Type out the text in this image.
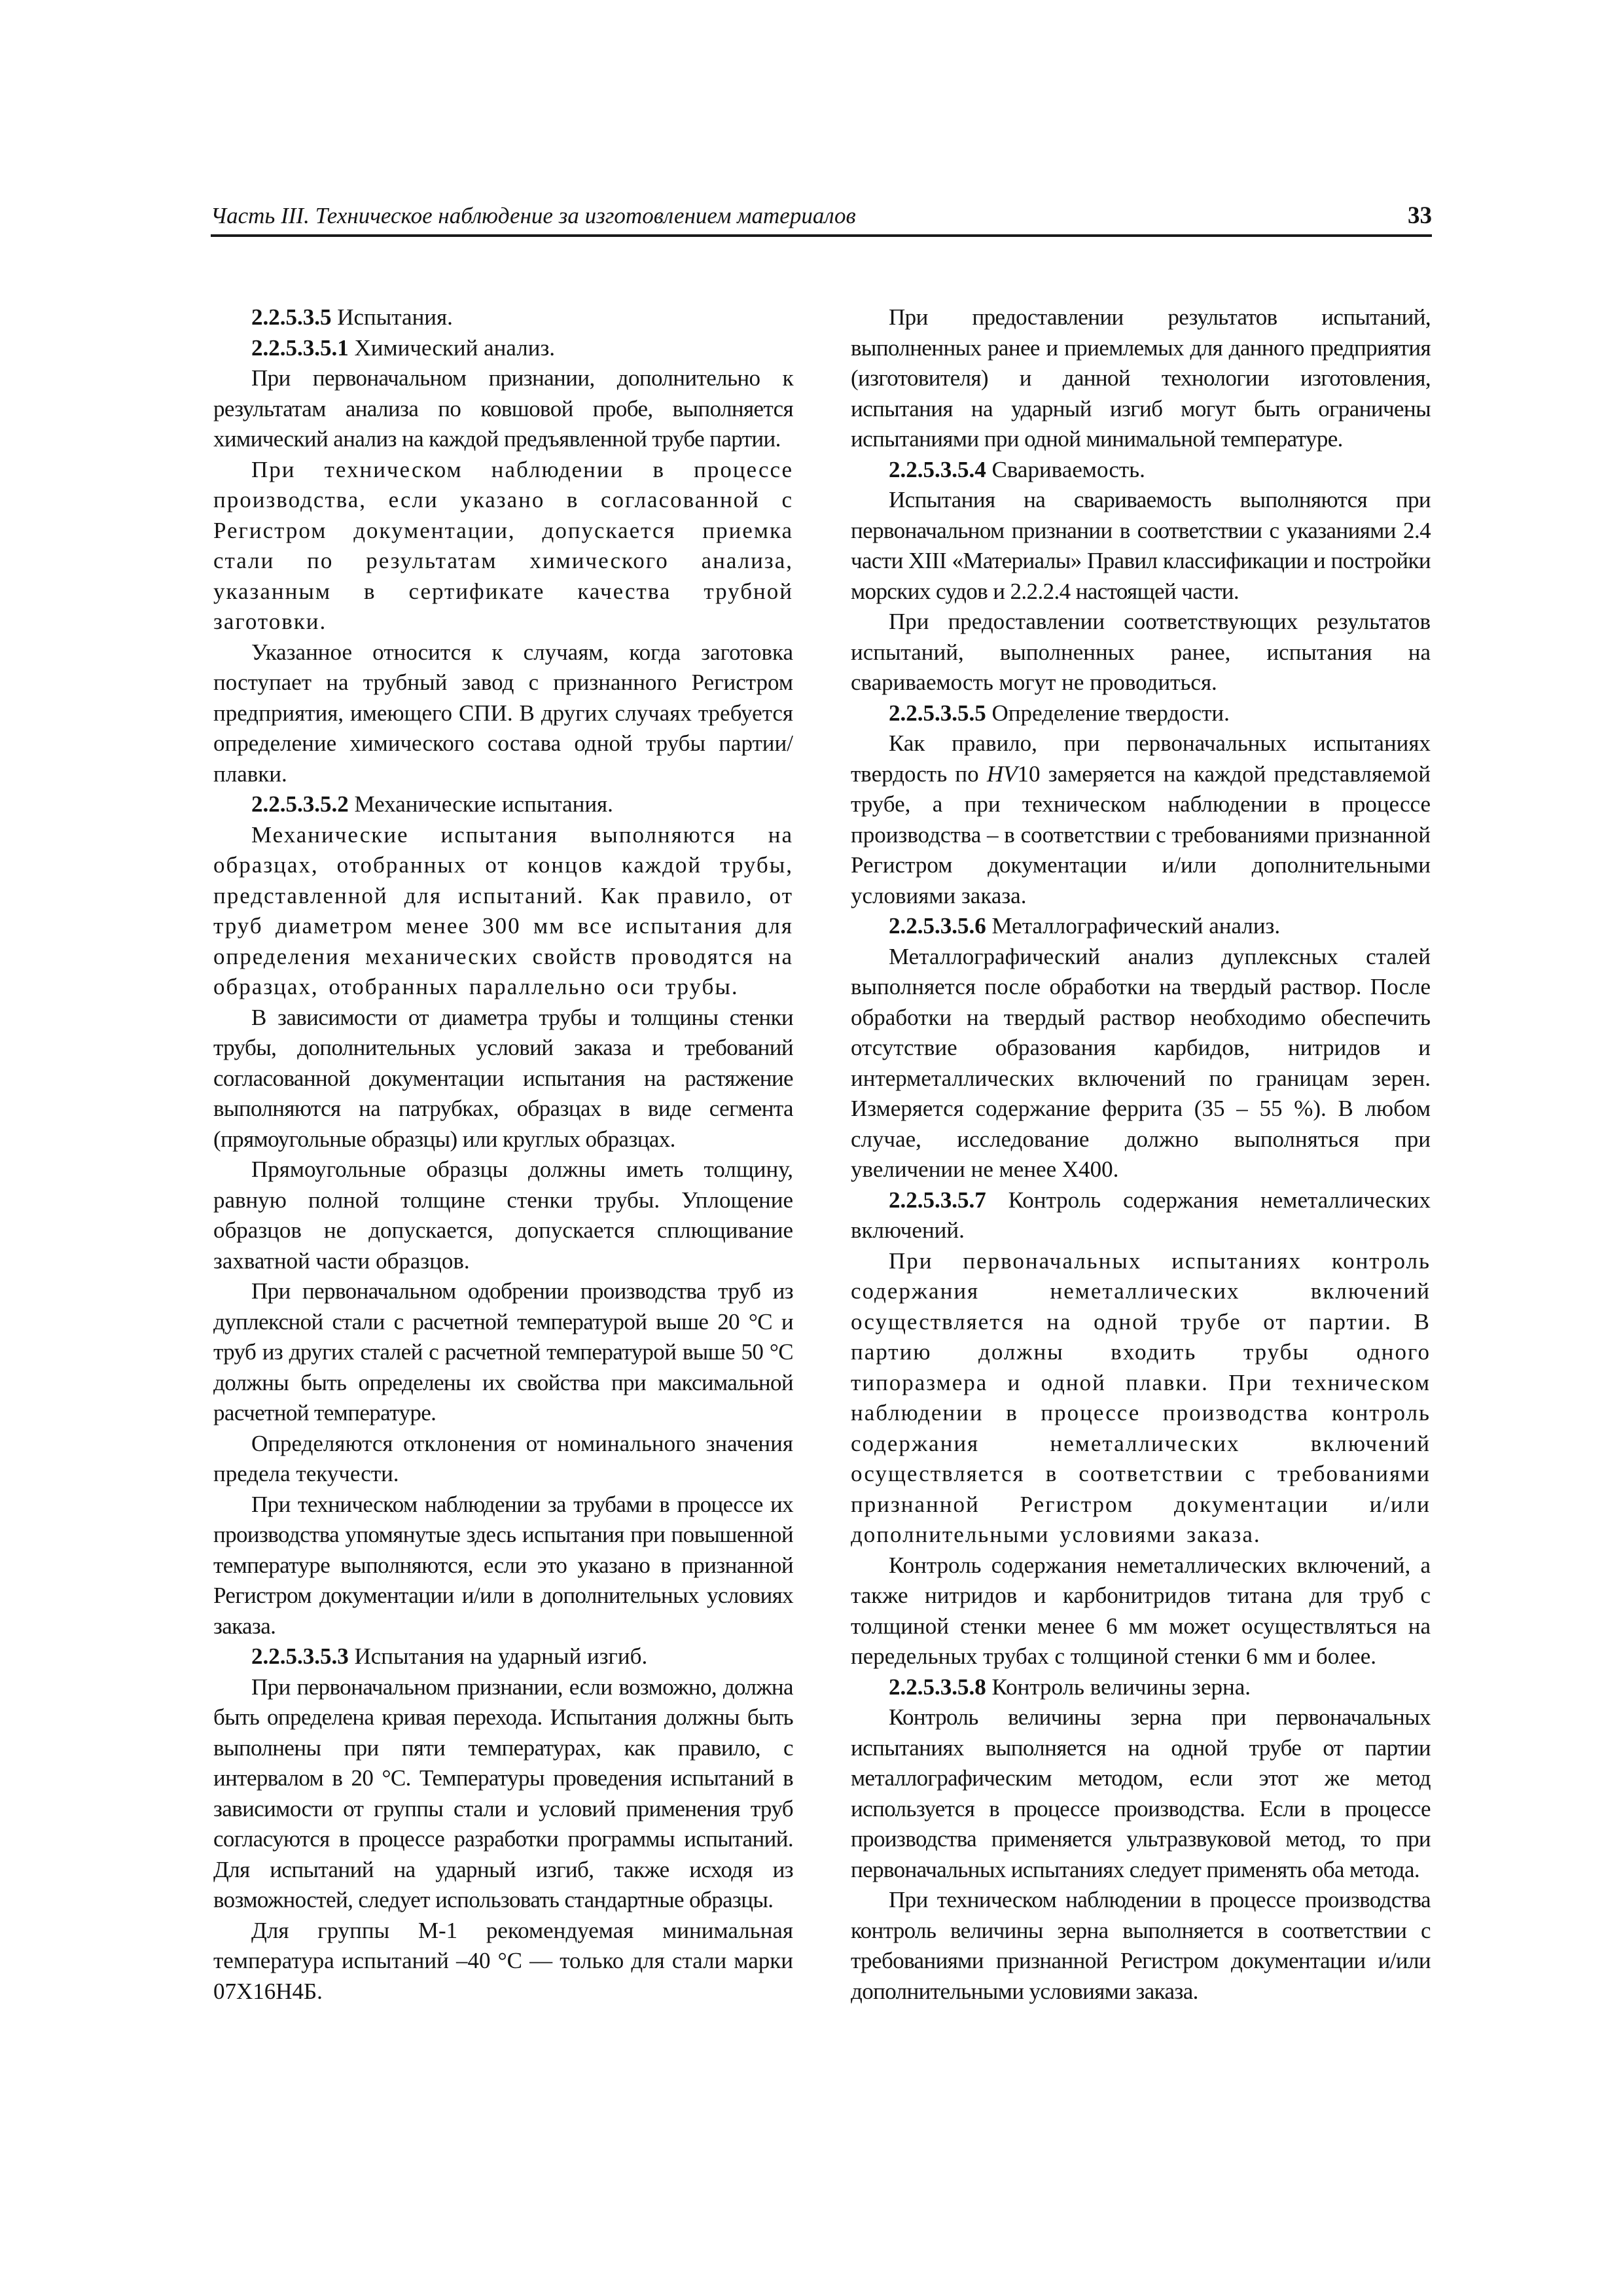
Часть III. Техническое наблюдение за изготовлением материалов	33

2.2.5.3.5 Испытания.

2.2.5.3.5.1 Химический анализ.

При первоначальном признании, дополнительно к результатам анализа по ковшовой пробе, выполняется химический анализ на каждой предъявленной трубе партии.

При техническом наблюдении в процессе производства, если указано в согласованной с Регистром документации, допускается приемка стали по результатам химического анализа, указанным в сертификате качества трубной заготовки.

Указанное относится к случаям, когда заготовка поступает на трубный завод с признанного Регистром предприятия, имеющего СПИ. В других случаях требуется определение химического состава одной трубы партии/плавки.

2.2.5.3.5.2 Механические испытания.

Механические испытания выполняются на образцах, отобранных от концов каждой трубы, представленной для испытаний. Как правило, от труб диаметром менее 300 мм все испытания для определения механических свойств проводятся на образцах, отобранных параллельно оси трубы.

В зависимости от диаметра трубы и толщины стенки трубы, дополнительных условий заказа и требований согласованной документации испытания на растяжение выполняются на патрубках, образцах в виде сегмента (прямоугольные образцы) или круглых образцах.

Прямоугольные образцы должны иметь толщину, равную полной толщине стенки трубы. Уплощение образцов не допускается, допускается сплющивание захватной части образцов.

При первоначальном одобрении производства труб из дуплексной стали с расчетной температурой выше 20 °С и труб из других сталей с расчетной температурой выше 50 °С должны быть определены их свойства при максимальной расчетной температуре.

Определяются отклонения от номинального значения предела текучести.

При техническом наблюдении за трубами в процессе их производства упомянутые здесь испытания при повышенной температуре выполняются, если это указано в признанной Регистром документации и/или в дополнительных условиях заказа.

2.2.5.3.5.3 Испытания на ударный изгиб.

При первоначальном признании, если возможно, должна быть определена кривая перехода. Испытания должны быть выполнены при пяти температурах, как правило, с интервалом в 20 °С. Температуры проведения испытаний в зависимости от группы стали и условий применения труб согласуются в процессе разработки программы испытаний. Для испытаний на ударный изгиб, также исходя из возможностей, следует использовать стандартные образцы.

Для группы М-1 рекомендуемая минимальная температура испытаний –40 °С — только для стали марки 07Х16Н4Б.

При предоставлении результатов испытаний, выполненных ранее и приемлемых для данного предприятия (изготовителя) и данной технологии изготовления, испытания на ударный изгиб могут быть ограничены испытаниями при одной минимальной температуре.

2.2.5.3.5.4 Свариваемость.

Испытания на свариваемость выполняются при первоначальном признании в соответствии с указаниями 2.4 части XIII «Материалы» Правил классификации и постройки морских судов и 2.2.2.4 настоящей части.

При предоставлении соответствующих результатов испытаний, выполненных ранее, испытания на свариваемость могут не проводиться.

2.2.5.3.5.5 Определение твердости.

Как правило, при первоначальных испытаниях твердость по HV10 замеряется на каждой представляемой трубе, а при техническом наблюдении в процессе производства – в соответствии с требованиями признанной Регистром документации и/или дополнительными условиями заказа.

2.2.5.3.5.6 Металлографический анализ.

Металлографический анализ дуплексных сталей выполняется после обработки на твердый раствор. После обработки на твердый раствор необходимо обеспечить отсутствие образования карбидов, нитридов и интерметаллических включений по границам зерен. Измеряется содержание феррита (35 – 55 %). В любом случае, исследование должно выполняться при увеличении не менее Х400.

2.2.5.3.5.7 Контроль содержания неметаллических включений.

При первоначальных испытаниях контроль содержания неметаллических включений осуществляется на одной трубе от партии. В партию должны входить трубы одного типоразмера и одной плавки. При техническом наблюдении в процессе производства контроль содержания неметаллических включений осуществляется в соответствии с требованиями признанной Регистром документации и/или дополнительными условиями заказа.

Контроль содержания неметаллических включений, а также нитридов и карбонитридов титана для труб с толщиной стенки менее 6 мм может осуществляться на передельных трубах с толщиной стенки 6 мм и более.

2.2.5.3.5.8 Контроль величины зерна.

Контроль величины зерна при первоначальных испытаниях выполняется на одной трубе от партии металлографическим методом, если этот же метод используется в процессе производства. Если в процессе производства применяется ультразвуковой метод, то при первоначальных испытаниях следует применять оба метода.

При техническом наблюдении в процессе производства контроль величины зерна выполняется в соответствии с требованиями признанной Регистром документации и/или дополнительными условиями заказа.
